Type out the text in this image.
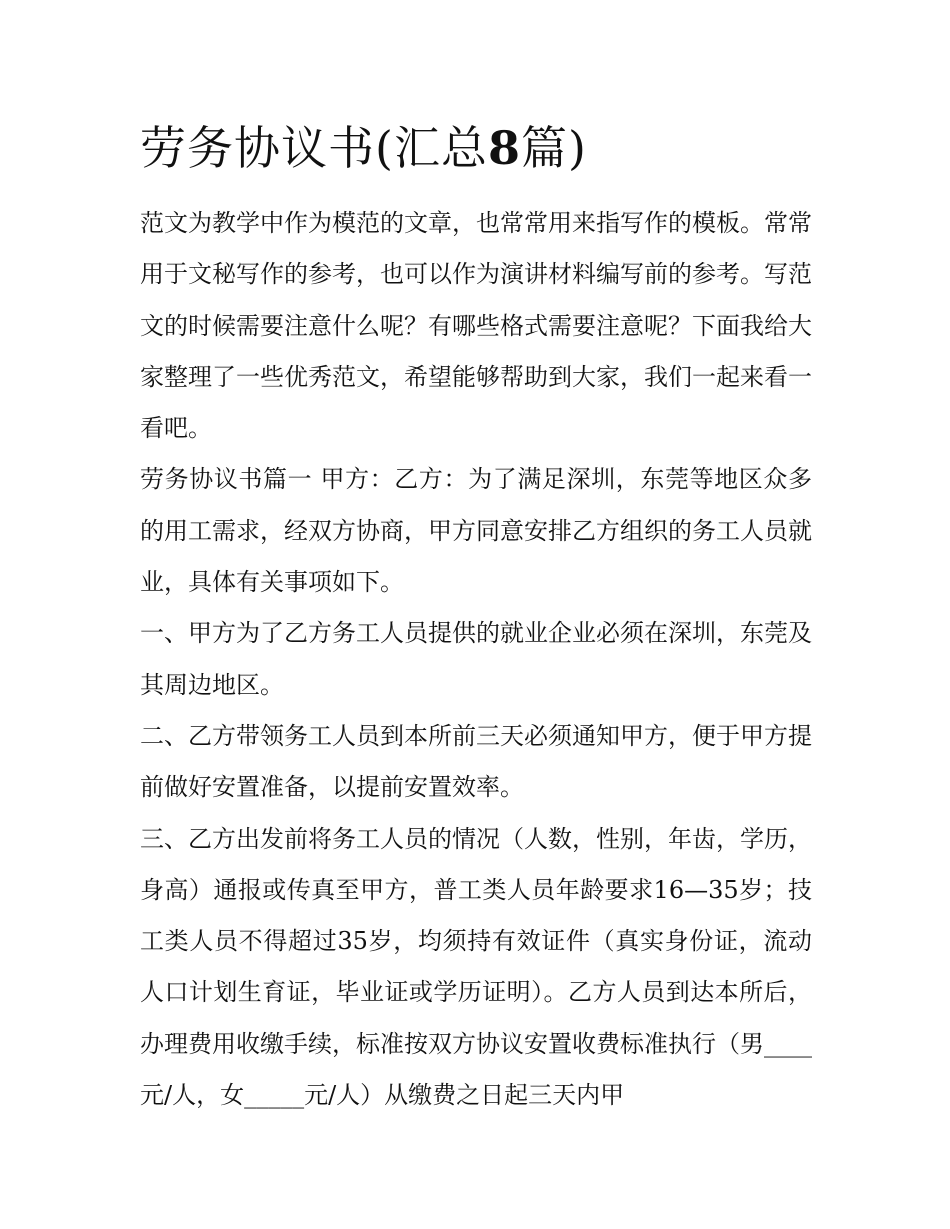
劳务协议书(汇总8篇)

范文为教学中作为模范的文章，也常常用来指写作的模板。常常用于文秘写作的参考，也可以作为演讲材料编写前的参考。写范文的时候需要注意什么呢？有哪些格式需要注意呢？下面我给大家整理了一些优秀范文，希望能够帮助到大家，我们一起来看一看吧。

劳务协议书篇一 甲方：乙方：为了满足深圳，东莞等地区众多的用工需求，经双方协商，甲方同意安排乙方组织的务工人员就业，具体有关事项如下。

一、甲方为了乙方务工人员提供的就业企业必须在深圳，东莞及其周边地区。

二、乙方带领务工人员到本所前三天必须通知甲方，便于甲方提前做好安置准备，以提前安置效率。

三、乙方出发前将务工人员的情况（人数，性别，年齿，学历，身高）通报或传真至甲方，普工类人员年龄要求16—35岁；技工类人员不得超过35岁，均须持有效证件（真实身份证，流动人口计划生育证，毕业证或学历证明）。乙方人员到达本所后，办理费用收缴手续，标准按双方协议安置收费标准执行（男____元/人，女_____元/人）从缴费之日起三天内甲
